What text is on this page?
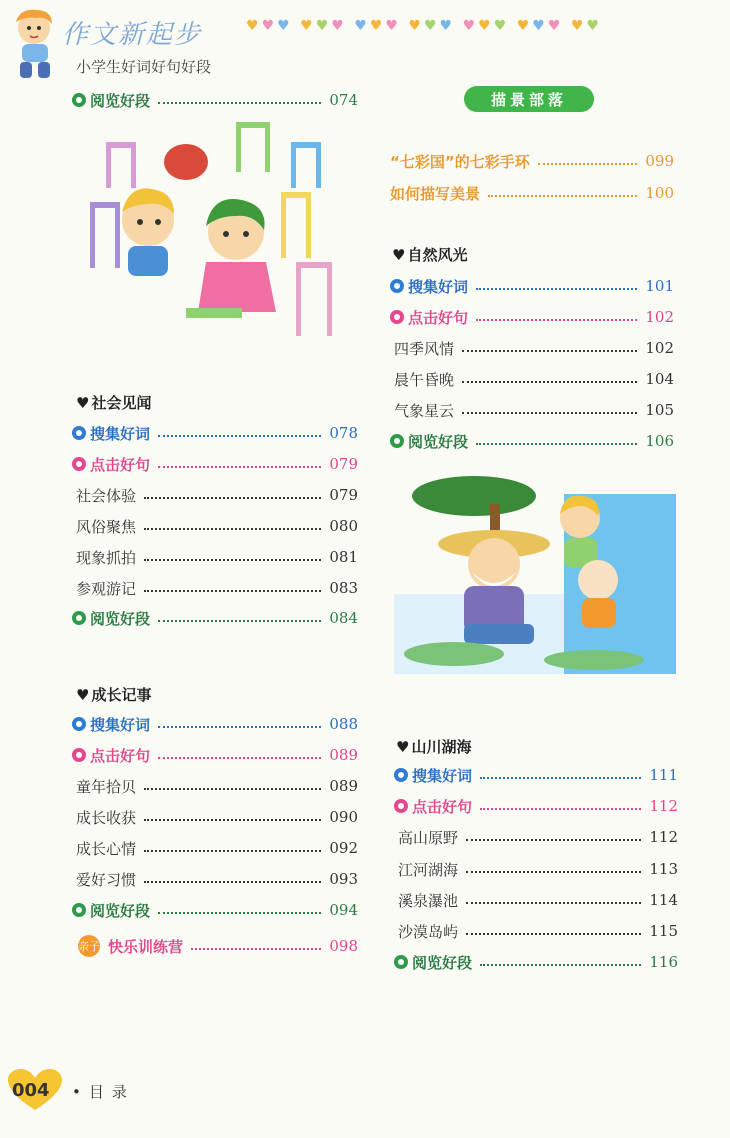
作文新起步
小学生好词好句好段
♥♥♥ ♥♥♥ ♥♥♥ ♥♥♥ ♥♥♥ ♥♥♥ ♥♥
阅览好段	074
♥ 社会见闻
搜集好词	078
点击好句	079
社会体验	079
风俗聚焦	080
现象抓拍	081
参观游记	083
阅览好段	084
♥ 成长记事
搜集好词	088
点击好句	089
童年拾贝	089
成长收获	090
成长心情	092
爱好习惯	093
阅览好段	094
亲子 快乐训练营	098
描景部落
“七彩国”的七彩手环	099
如何描写美景	100
♥ 自然风光
搜集好词	101
点击好句	102
四季风情	102
晨午昏晚	104
气象星云	105
阅览好段	106
♥ 山川湖海
搜集好词	111
点击好句	112
高山原野	112
江河湖海	113
溪泉瀑池	114
沙漠岛屿	115
阅览好段	116
004 •目录
